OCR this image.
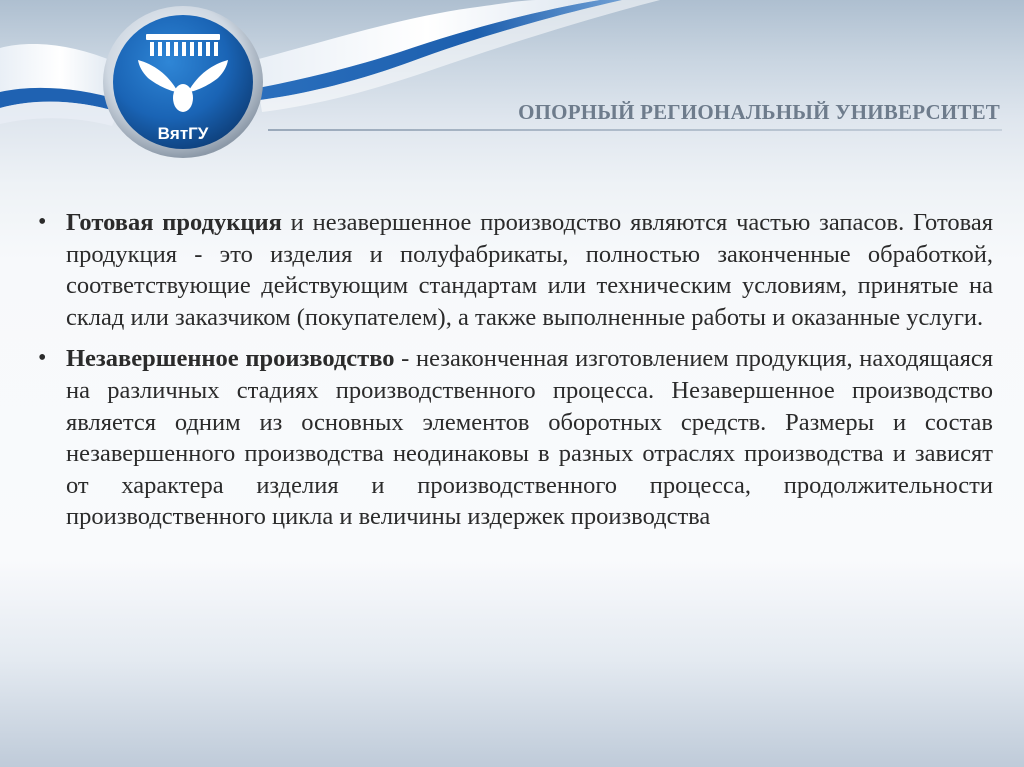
ВятГУ
ОПОРНЫЙ РЕГИОНАЛЬНЫЙ УНИВЕРСИТЕТ
• Готовая продукция и незавершенное производство являются частью запасов. Готовая продукция - это изделия и полуфабрикаты, полностью законченные обработкой, соответствующие действующим стандартам или техническим условиям, принятые на склад или заказчиком (покупателем), а также выполненные работы и оказанные услуги.
• Незавершенное производство - незаконченная изготовлением продукция, находящаяся на различных стадиях производственного процесса. Незавершенное производство является одним из основных элементов оборотных средств. Размеры и состав незавершенного производства неодинаковы в разных отраслях производства и зависят от характера изделия и производственного процесса, продолжительности производственного цикла и величины издержек производства
